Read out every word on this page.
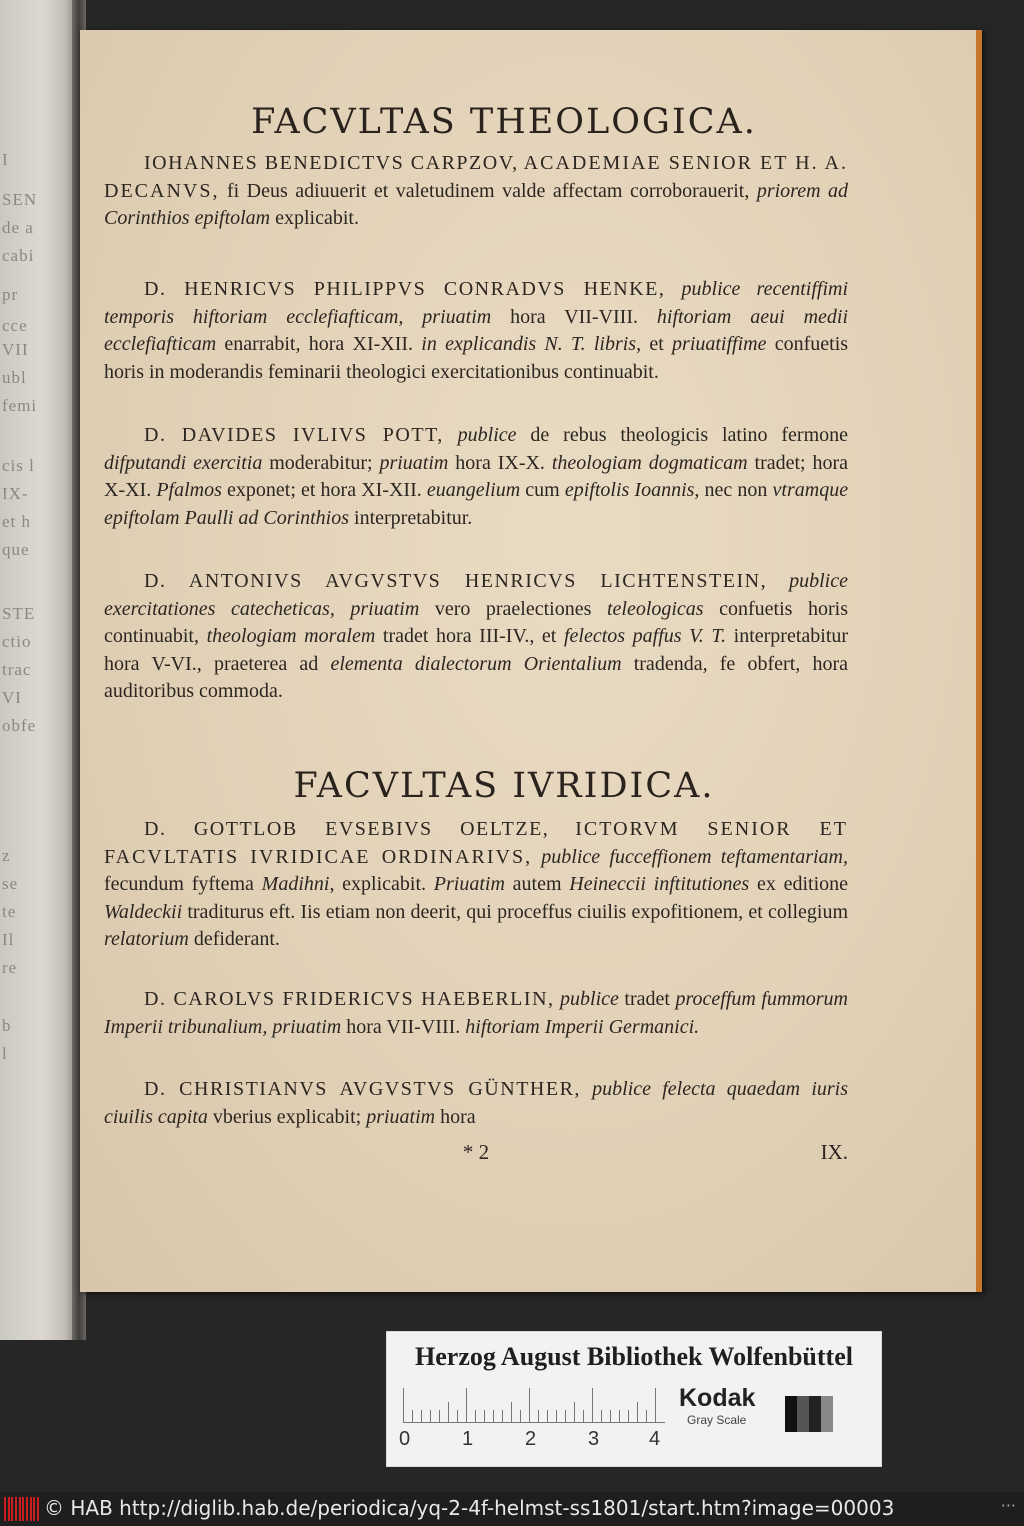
I
SEN
de a
cabi
pr
cce
VII
ubl
femi
cis l
IX-
et h
que
STE
ctio
trac
VI
obfe
z
se
te
Il
re
b
l
FACVLTAS THEOLOGICA.
IOHANNES BENEDICTVS CARPZOV, ACADEMIAE SENIOR ET H. A. DECANVS, fi Deus adiuuerit et valetudinem valde affectam corroborauerit, priorem ad Corinthios epiftolam explicabit.
D. HENRICVS PHILIPPVS CONRADVS HENKE, publice recentiffimi temporis hiftoriam ecclefiafticam, priuatim hora VII-VIII. hiftoriam aeui medii ecclefiafticam enarrabit, hora XI-XII. in explicandis N. T. libris, et priuatiffime confuetis horis in moderandis feminarii theologici exercitationibus continuabit.
D. DAVIDES IVLIVS POTT, publice de rebus theologicis latino fermone difputandi exercitia moderabitur; priuatim hora IX-X. theologiam dogmaticam tradet; hora X-XI. Pfalmos exponet; et hora XI-XII. euangelium cum epiftolis Ioannis, nec non vtramque epiftolam Paulli ad Corinthios interpretabitur.
D. ANTONIVS AVGVSTVS HENRICVS LICHTENSTEIN, publice exercitationes catecheticas, priuatim vero praelectiones teleologicas confuetis horis continuabit, theologiam moralem tradet hora III-IV., et felectos paffus V. T. interpretabitur hora V-VI., praeterea ad elementa dialectorum Orientalium tradenda, fe obfert, hora auditoribus commoda.
FACVLTAS IVRIDICA.
D. GOTTLOB EVSEBIVS OELTZE, ICTORVM SENIOR ET FACVLTATIS IVRIDICAE ORDINARIVS, publice fucceffionem teftamentariam, fecundum fyftema Madihni, explicabit. Priuatim autem Heineccii inftitutiones ex editione Waldeckii traditurus eft. Iis etiam non deerit, qui proceffus ciuilis expofitionem, et collegium relatorium defiderant.
D. CAROLVS FRIDERICVS HAEBERLIN, publice tradet proceffum fummorum Imperii tribunalium, priuatim hora VII-VIII. hiftoriam Imperii Germanici.
D. CHRISTIANVS AVGVSTVS GÜNTHER, publice felecta quaedam iuris ciuilis capita vberius explicabit; priuatim hora
* 2	IX.
Herzog August Bibliothek Wolfenbüttel
0	1	2	3 4
Kodak
Gray Scale
© HAB http://diglib.hab.de/periodica/yq-2-4f-helmst-ss1801/start.htm?image=00003	···
